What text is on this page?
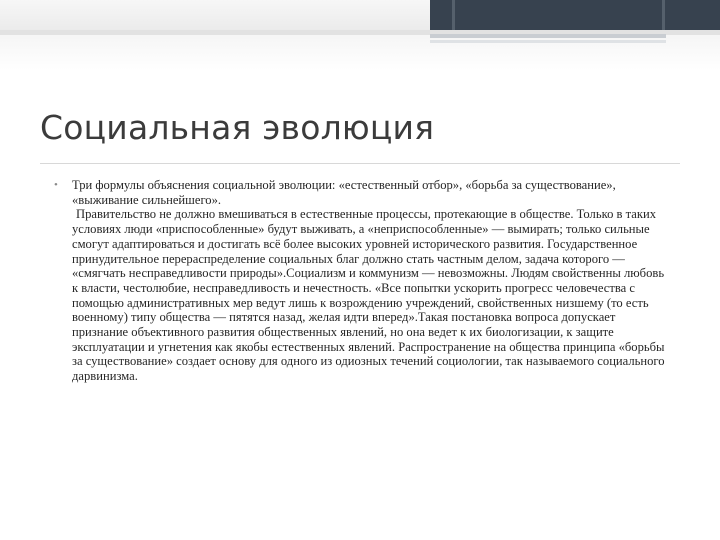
Социальная эволюция
• Три формулы объяснения социальной эволюции: «естественный отбор», «борьба за существование», «выживание сильнейшего».

Правительство не должно вмешиваться в естественные процессы, протекающие в обществе. Только в таких условиях люди «приспособленные» будут выживать, а «неприспособленные» — вымирать; только сильные смогут адаптироваться и достигать всё более высоких уровней исторического развития. Государственное принудительное перераспределение социальных благ должно стать частным делом, задача которого — «смягчать несправедливости природы».Социализм и коммунизм — невозможны. Людям свойственны любовь к власти, честолюбие, несправедливость и нечестность. «Все попытки ускорить прогресс человечества с помощью административных мер ведут лишь к возрождению учреждений, свойственных низшему (то есть военному) типу общества — пятятся назад, желая идти вперед».Такая постановка вопроса допускает признание объективного развития общественных явлений, но она ведет к их биологизации, к защите эксплуатации и угнетения как якобы естественных явлений. Распространение на общества принципа «борьбы за существование» создает основу для одного из одиозных течений социологии, так называемого социального дарвинизма.
